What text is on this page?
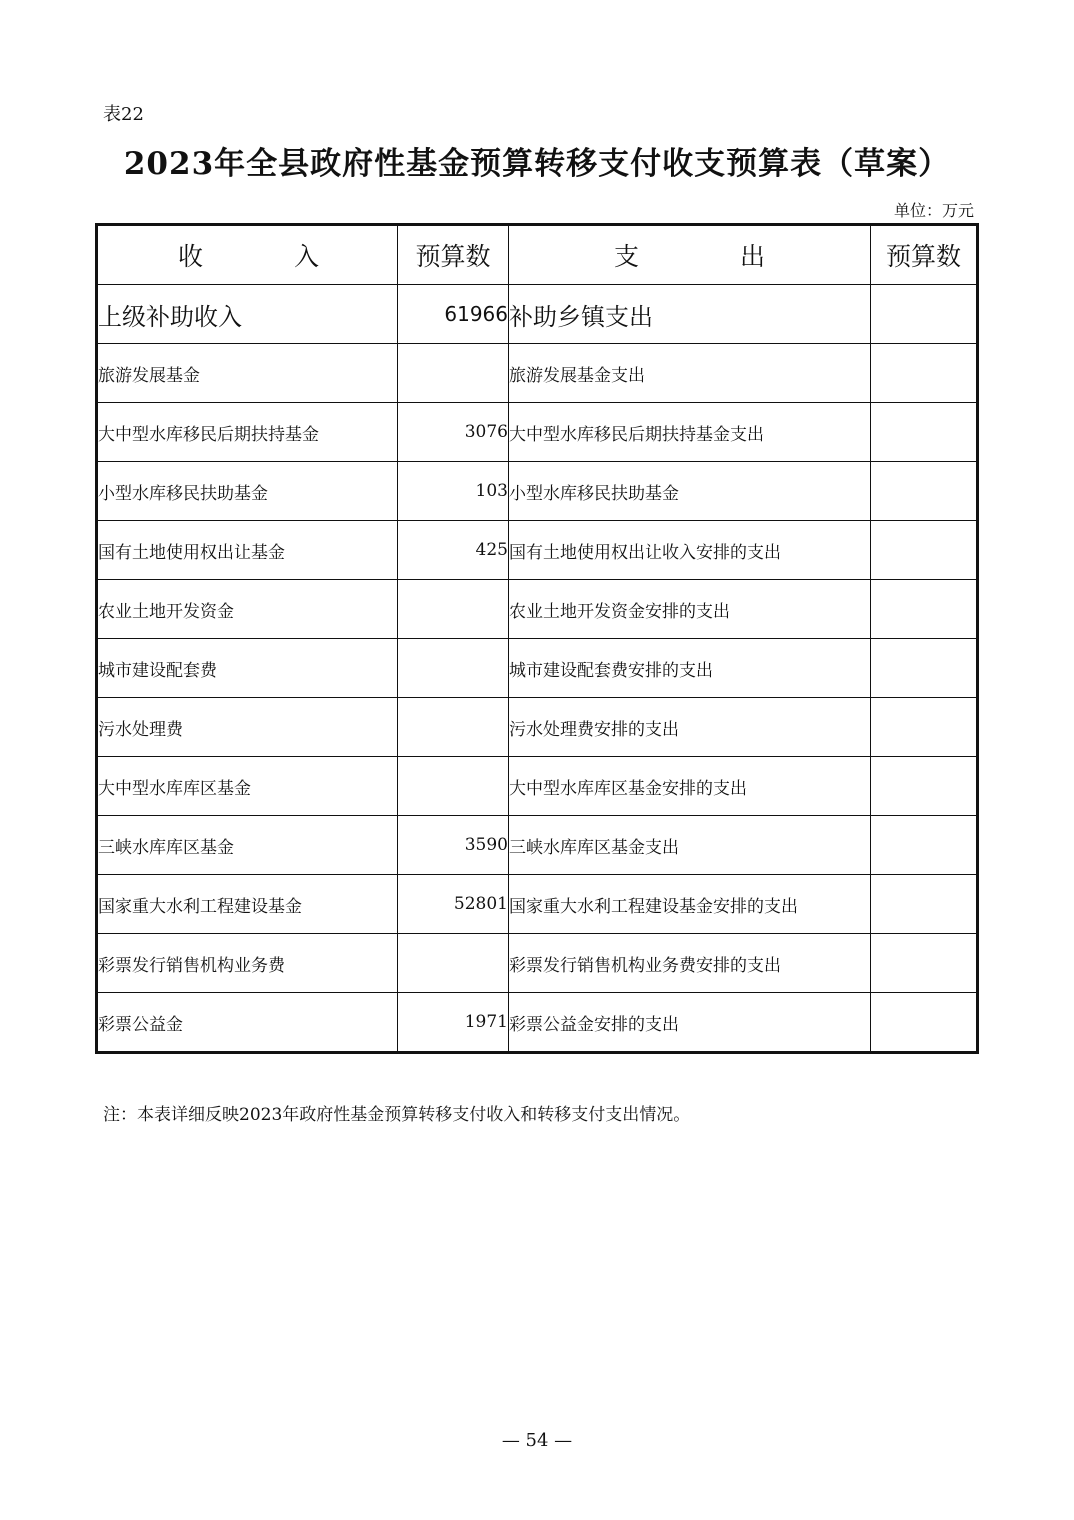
表22
2023年全县政府性基金预算转移支付收支预算表（草案）
单位：万元
收 入	预算数	支 出	预算数
上级补助收入	61966	补助乡镇支出	
旅游发展基金		旅游发展基金支出	
大中型水库移民后期扶持基金	3076	大中型水库移民后期扶持基金支出	
小型水库移民扶助基金	103	小型水库移民扶助基金	
国有土地使用权出让基金	425	国有土地使用权出让收入安排的支出	
农业土地开发资金		农业土地开发资金安排的支出	
城市建设配套费		城市建设配套费安排的支出	
污水处理费		污水处理费安排的支出	
大中型水库库区基金		大中型水库库区基金安排的支出	
三峡水库库区基金	3590	三峡水库库区基金支出	
国家重大水利工程建设基金	52801	国家重大水利工程建设基金安排的支出	
彩票发行销售机构业务费		彩票发行销售机构业务费安排的支出	
彩票公益金	1971	彩票公益金安排的支出	
注：本表详细反映2023年政府性基金预算转移支付收入和转移支付支出情况。
— 54 —
